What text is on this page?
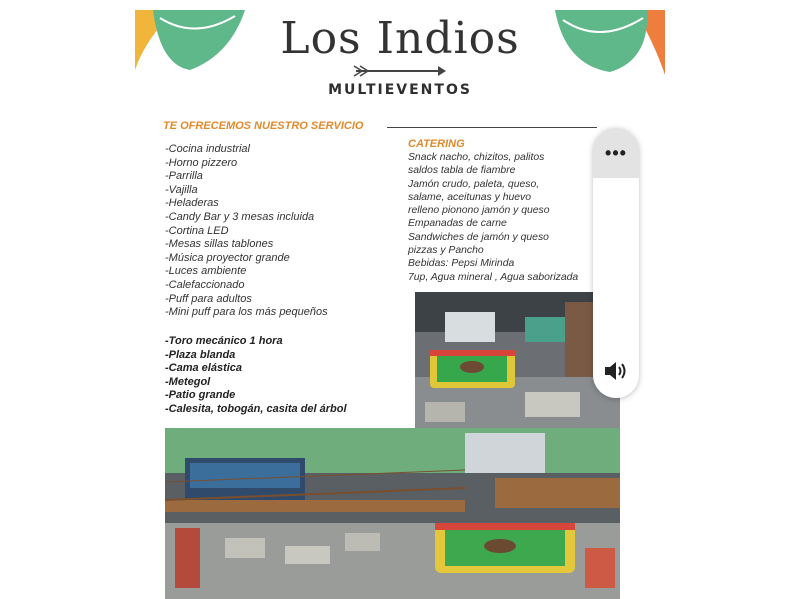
Los Indios
MULTIEVENTOS
TE OFRECEMOS NUESTRO SERVICIO
-Cocina industrial
-Horno pizzero
-Parrilla
-Vajilla
-Heladeras
-Candy Bar y 3 mesas incluida
-Cortina LED
-Mesas sillas tablones
-Música proyector grande
-Luces ambiente
-Calefaccionado
-Puff para adultos
-Mini puff para los más pequeños
-Toro mecánico 1 hora
-Plaza blanda
-Cama elástica
-Metegol
-Patio grande
-Calesita, tobogán, casita del árbol
CATERING
Snack nacho, chizitos, palitos
saldos tabla de fiambre
Jamón crudo, paleta, queso,
salame, aceitunas y huevo
relleno pionono jamón y queso
Empanadas de carne
Sandwiches de jamón y queso
pizzas y Pancho
Bebidas: Pepsi Mirinda
7up, Agua mineral , Agua saborizada
•••
